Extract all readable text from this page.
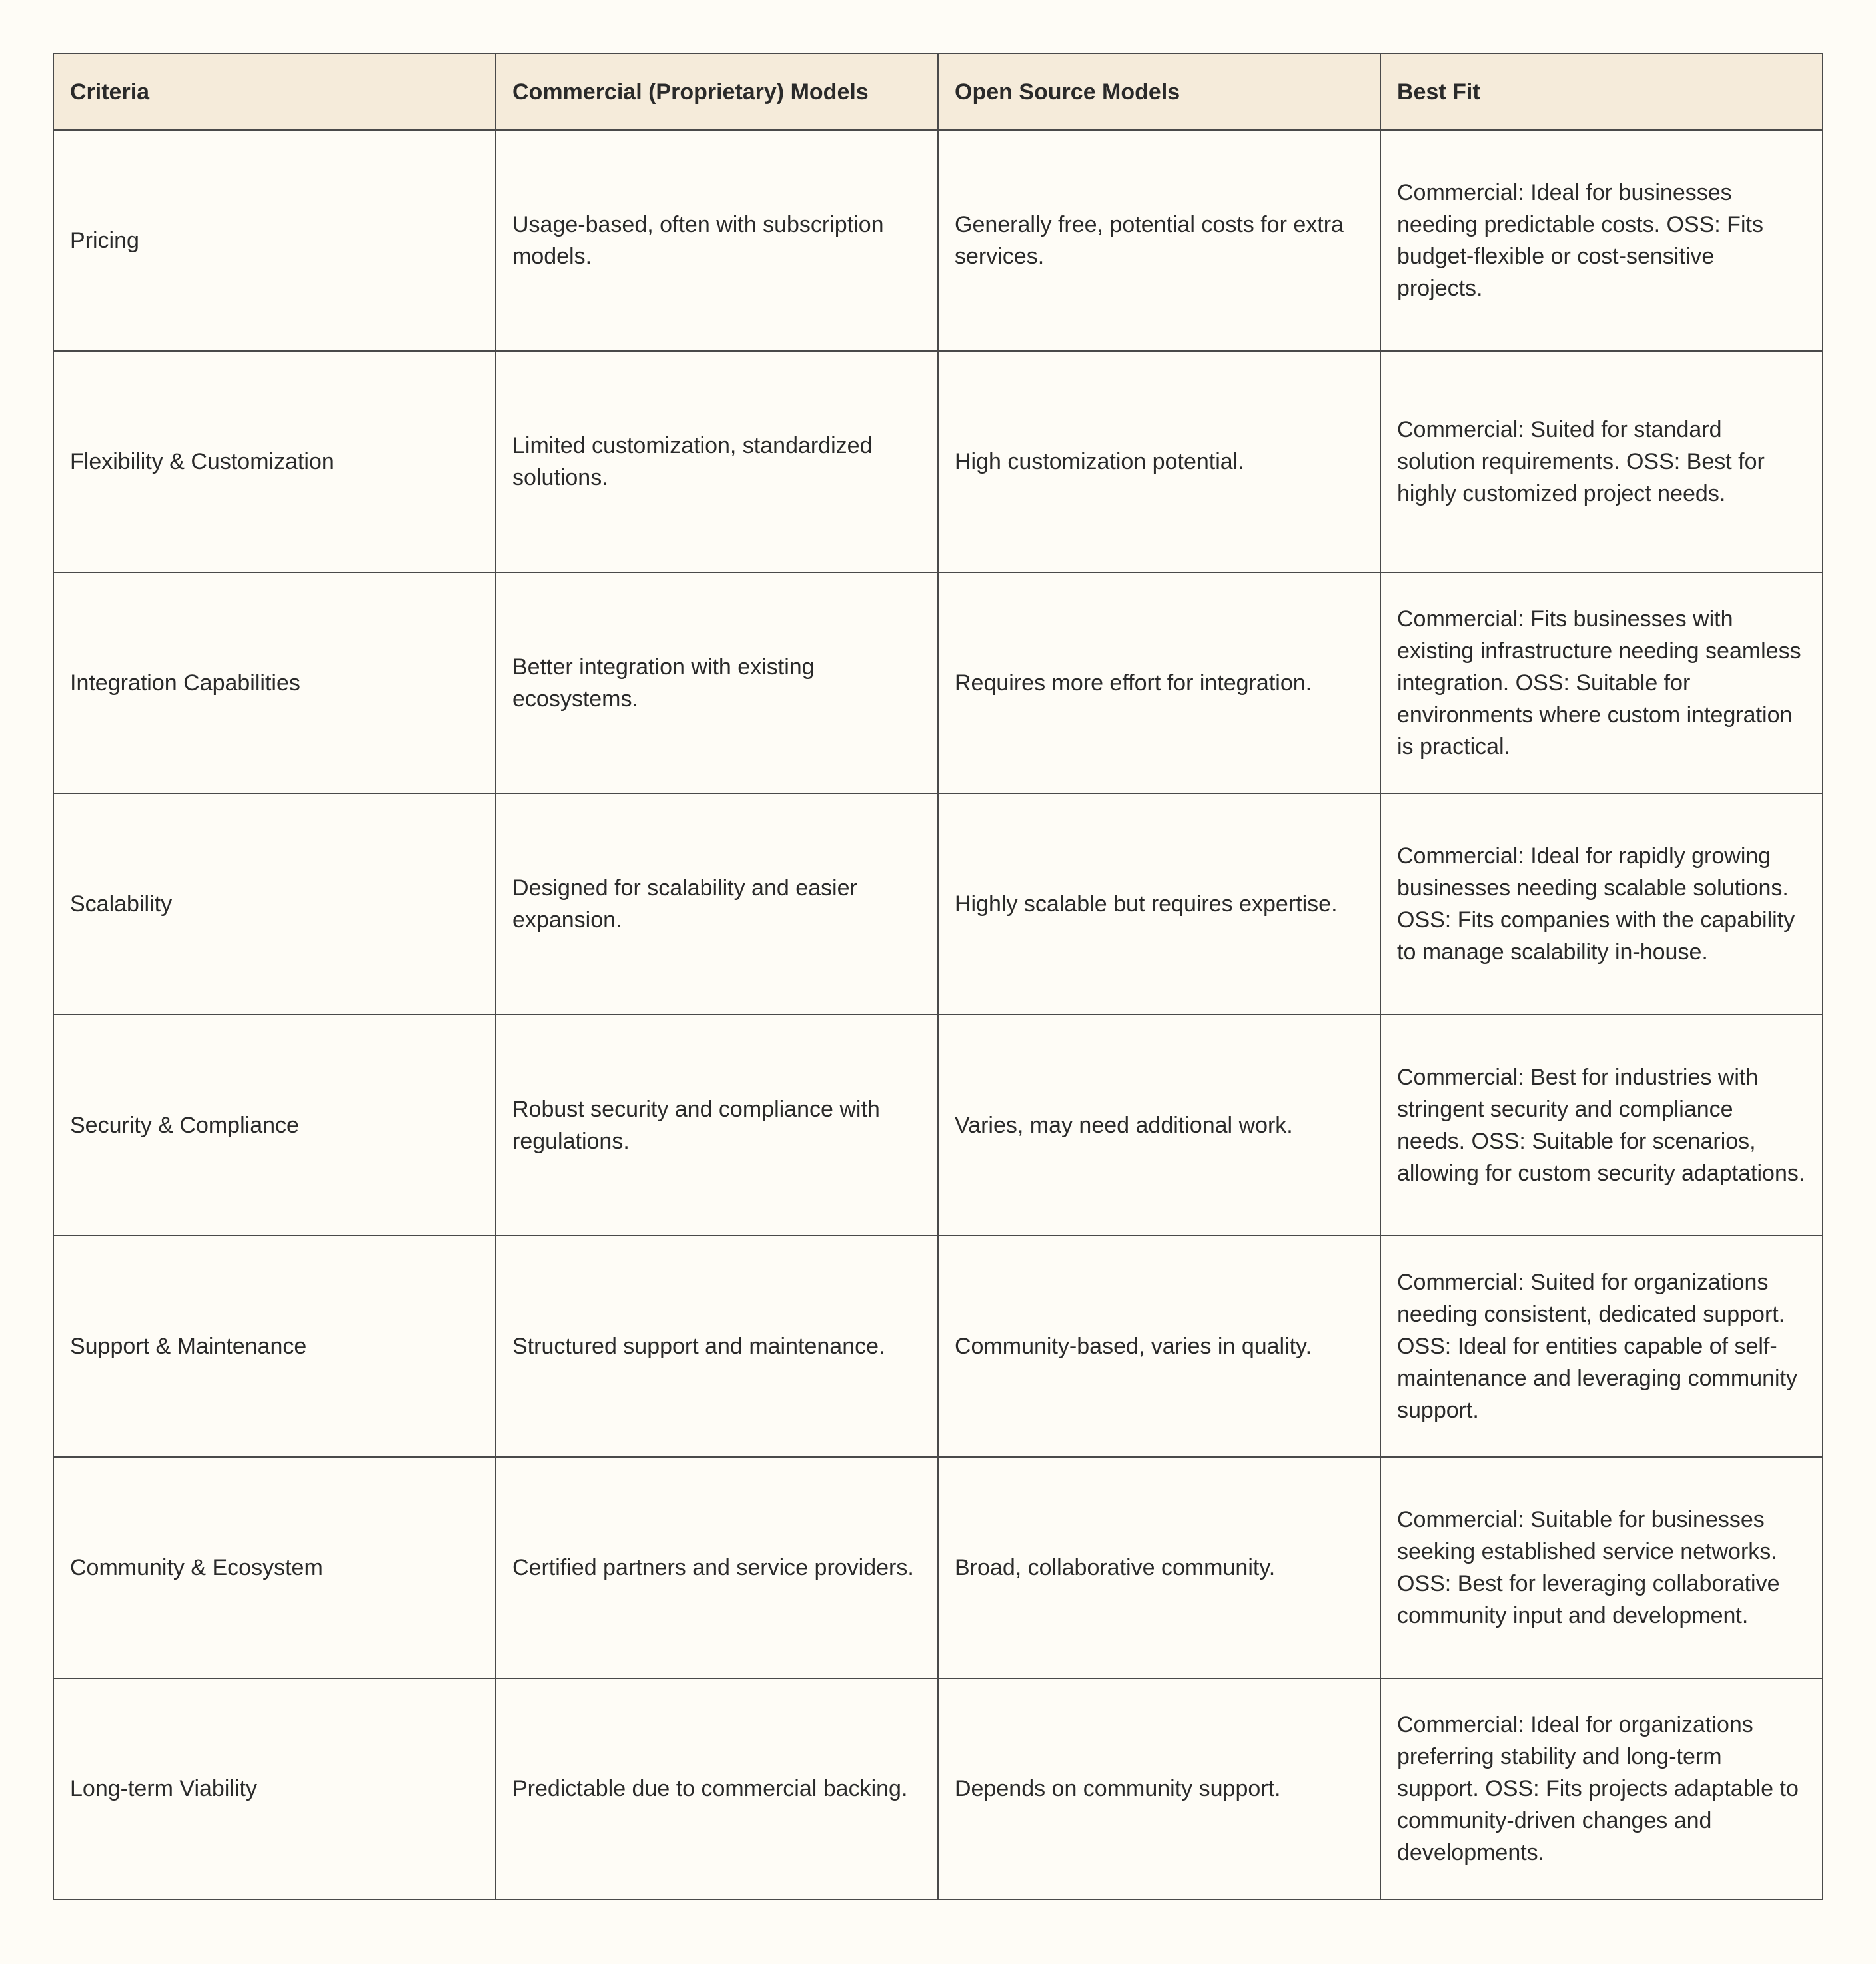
Criteria	Commercial (Proprietary) Models	Open Source Models	Best Fit
Pricing	Usage-based, often with subscription models.	Generally free, potential costs for extra services.	Commercial: Ideal for businesses needing predictable costs. OSS: Fits budget-flexible or cost-sensitive projects.
Flexibility & Customization	Limited customization, standardized solutions.	High customization potential.	Commercial: Suited for standard solution requirements. OSS: Best for highly customized project needs.
Integration Capabilities	Better integration with existing ecosystems.	Requires more effort for integration.	Commercial: Fits businesses with existing infrastructure needing seamless integration. OSS: Suitable for environments where custom integration is practical.
Scalability	Designed for scalability and easier expansion.	Highly scalable but requires expertise.	Commercial: Ideal for rapidly growing businesses needing scalable solutions. OSS: Fits companies with the capability to manage scalability in-house.
Security & Compliance	Robust security and compliance with regulations.	Varies, may need additional work.	Commercial: Best for industries with stringent security and compliance needs. OSS: Suitable for scenarios, allowing for custom security adaptations.
Support & Maintenance	Structured support and maintenance.	Community-based, varies in quality.	Commercial: Suited for organizations needing consistent, dedicated support. OSS: Ideal for entities capable of self-maintenance and leveraging community support.
Community & Ecosystem	Certified partners and service providers.	Broad, collaborative community.	Commercial: Suitable for businesses seeking established service networks. OSS: Best for leveraging collaborative community input and development.
Long-term Viability	Predictable due to commercial backing.	Depends on community support.	Commercial: Ideal for organizations preferring stability and long-term support. OSS: Fits projects adaptable to community-driven changes and developments.
